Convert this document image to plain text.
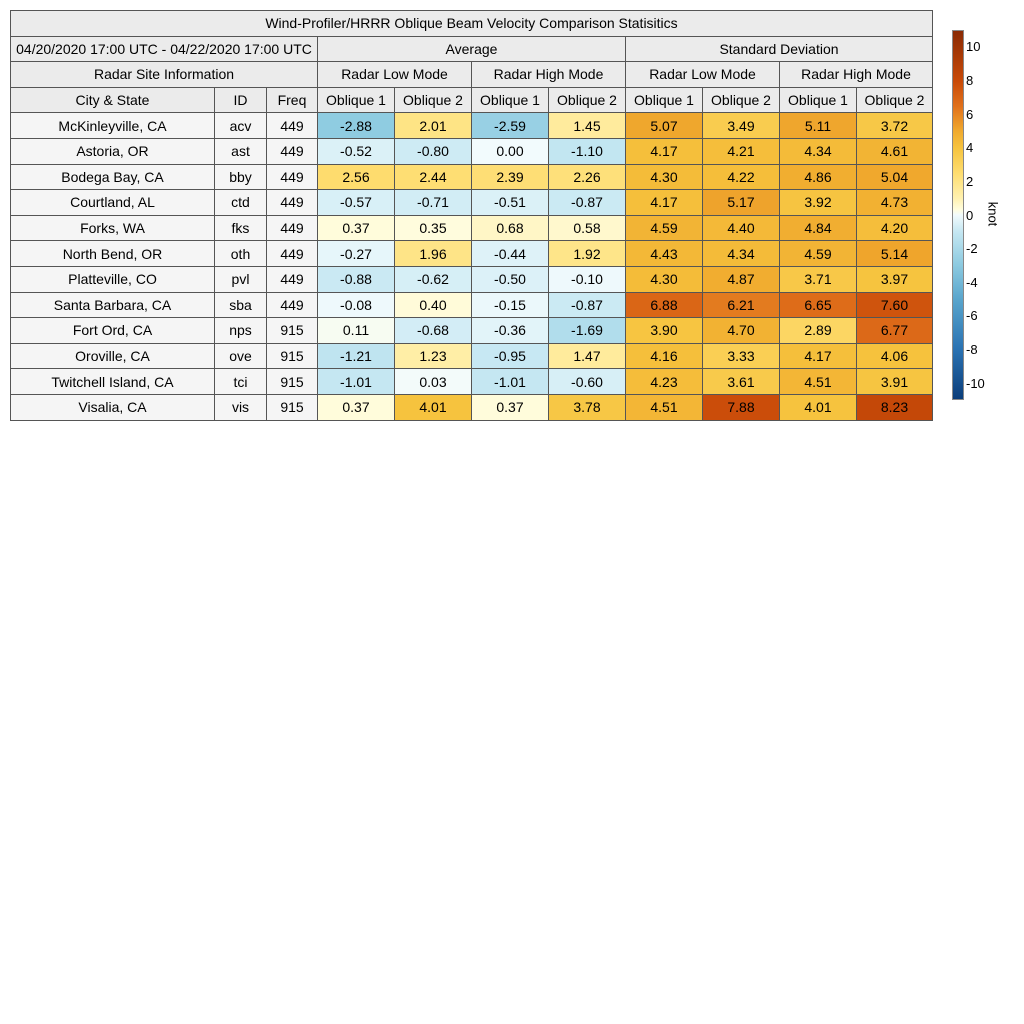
Wind-Profiler/HRRR Oblique Beam Velocity Comparison Statisitics										
04/20/2020 17:00 UTC - 04/22/2020 17:00 UTC			Average				Standard Deviation			
Radar Site Information			Radar Low Mode		Radar High Mode		Radar Low Mode		Radar High Mode	
City & State	ID	Freq	Oblique 1	Oblique 2	Oblique 1	Oblique 2	Oblique 1	Oblique 2	Oblique 1	Oblique 2
McKinleyville, CA	acv	449	-2.88	2.01	-2.59	1.45	5.07	3.49	5.11	3.72
Astoria, OR	ast	449	-0.52	-0.80	0.00	-1.10	4.17	4.21	4.34	4.61
Bodega Bay, CA	bby	449	2.56	2.44	2.39	2.26	4.30	4.22	4.86	5.04
Courtland, AL	ctd	449	-0.57	-0.71	-0.51	-0.87	4.17	5.17	3.92	4.73
Forks, WA	fks	449	0.37	0.35	0.68	0.58	4.59	4.40	4.84	4.20
North Bend, OR	oth	449	-0.27	1.96	-0.44	1.92	4.43	4.34	4.59	5.14
Platteville, CO	pvl	449	-0.88	-0.62	-0.50	-0.10	4.30	4.87	3.71	3.97
Santa Barbara, CA	sba	449	-0.08	0.40	-0.15	-0.87	6.88	6.21	6.65	7.60
Fort Ord, CA	nps	915	0.11	-0.68	-0.36	-1.69	3.90	4.70	2.89	6.77
Oroville, CA	ove	915	-1.21	1.23	-0.95	1.47	4.16	3.33	4.17	4.06
Twitchell Island, CA	tci	915	-1.01	0.03	-1.01	-0.60	4.23	3.61	4.51	3.91
Visalia, CA	vis	915	0.37	4.01	0.37	3.78	4.51	7.88	4.01	8.23
10
8
6
4
2
0
-2
-4
-6
-8
-10
knot
